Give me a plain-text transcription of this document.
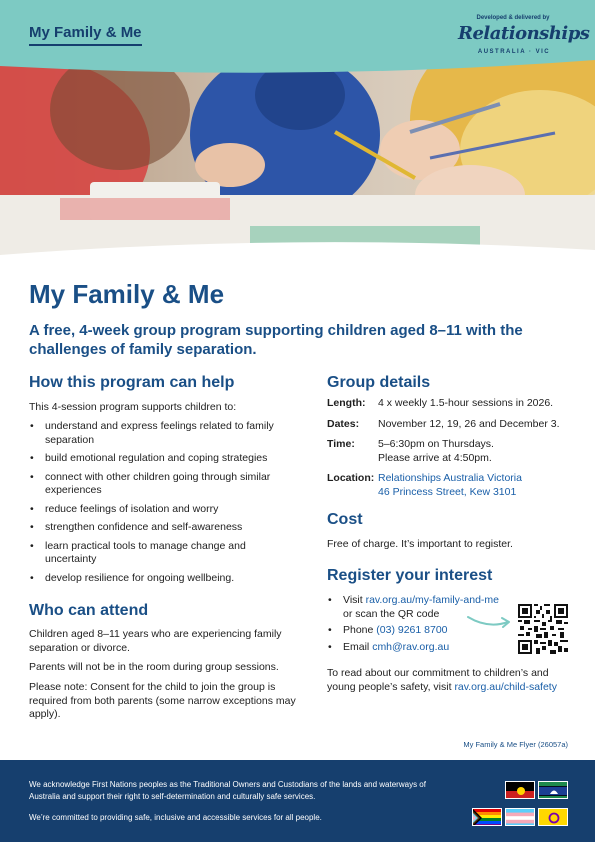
My Family & Me
Developed & delivered by
Relationships
AUSTRALIA · VIC
My Family & Me
A free, 4-week group program supporting children aged 8–11 with the challenges of family separation.
How this program can help
This 4-session program supports children to:
• understand and express feelings related to family separation
• build emotional regulation and coping strategies
• connect with other children going through similar experiences
• reduce feelings of isolation and worry
• strengthen confidence and self-awareness
• learn practical tools to manage change and uncertainty
• develop resilience for ongoing wellbeing.
Who can attend
Children aged 8–11 years who are experiencing family separation or divorce.
Parents will not be in the room during group sessions.
Please note: Consent for the child to join the group is required from both parents (some narrow exceptions may apply).
Group details
Length:	4 x weekly 1.5-hour sessions in 2026.
Dates:	November 12, 19, 26 and December 3.
Time:	5–6:30pm on Thursdays.
Please arrive at 4:50pm.

Location:	Relationships Australia Victoria
46 Princess Street, Kew 3101
Cost
Free of charge. It’s important to register.
Register your interest
• Visit rav.org.au/my-family-and-me
or scan the QR code
• Phone (03) 9261 8700
• Email cmh@rav.org.au
To read about our commitment to children’s and young people’s safety, visit rav.org.au/child-safety
My Family & Me Flyer (26057a)
We acknowledge First Nations peoples as the Traditional Owners and Custodians of the lands and waterways of Australia and support their right to self-determination and culturally safe services.
We’re committed to providing safe, inclusive and accessible services for all people.
